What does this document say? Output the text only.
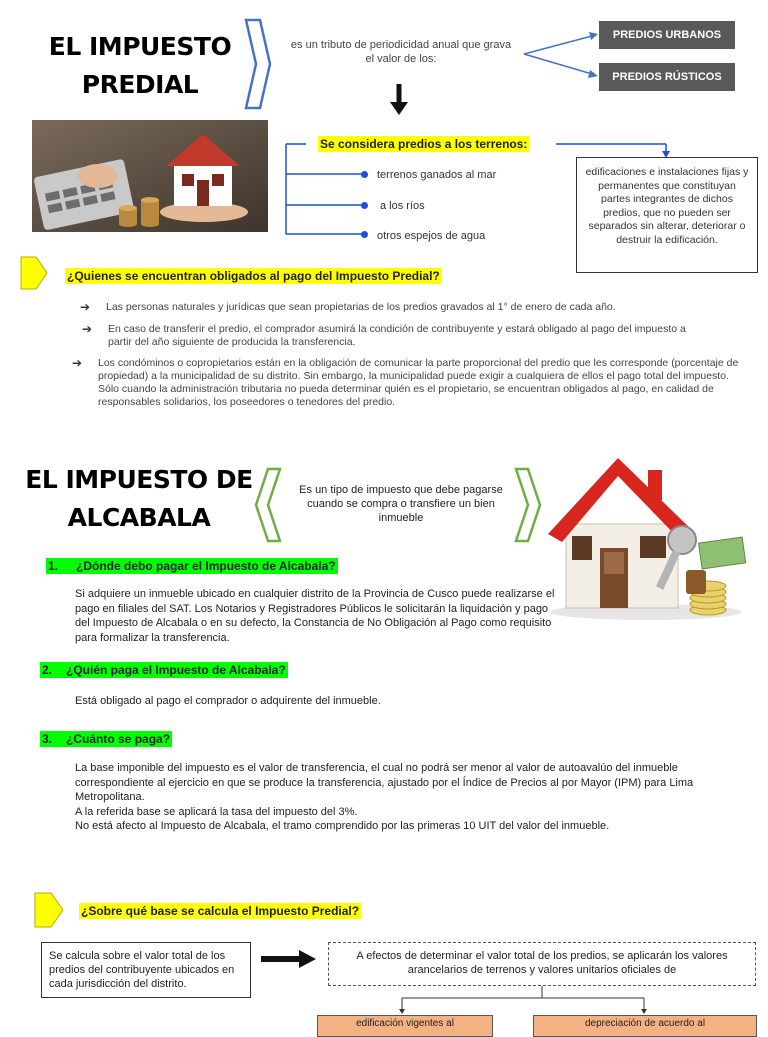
EL IMPUESTO
PREDIAL
es un tributo de periodicidad anual que grava el valor de los:
PREDIOS URBANOS
PREDIOS RÚSTICOS
Se considera predios a los terrenos:
terrenos ganados al mar
a los ríos
otros espejos de agua
edificaciones e instalaciones fijas y permanentes que constituyan partes integrantes de dichos predios, que no pueden ser separados sin alterar, deteriorar o destruir la edificación.
¿Quienes se encuentran obligados al pago del Impuesto Predial?
➔ Las personas naturales y jurídicas que sean propietarias de los predios gravados al 1° de enero de cada año.
➔ En caso de transferir el predio, el comprador asumirá la condición de contribuyente y estará obligado al pago del impuesto a partir del año siguiente de producida la transferencia.
➔ Los condóminos o copropietarios están en la obligación de comunicar la parte proporcional del predio que les corresponde (porcentaje de propiedad) a la municipalidad de su distrito. Sin embargo, la municipalidad puede exigir a cualquiera de ellos el pago total del impuesto. Sólo cuando la administración tributaria no pueda determinar quién es el propietario, se encuentran obligados al pago, en calidad de responsables solidarios, los poseedores o tenedores del predio.
EL IMPUESTO DE
ALCABALA
Es un tipo de impuesto que debe pagarse cuando se compra o transfiere un bien inmueble
1. ¿Dónde debo pagar el Impuesto de Alcabala?
Si adquiere un inmueble ubicado en cualquier distrito de la Provincia de Cusco puede realizarse el pago en filiales del SAT. Los Notarios y Registradores Públicos le solicitarán la liquidación y pago del Impuesto de Alcabala o en su defecto, la Constancia de No Obligación al Pago como requisito para formalizar la transferencia.
2. ¿Quién paga el Impuesto de Alcabala?
Está obligado al pago el comprador o adquirente del inmueble.
3. ¿Cuánto se paga?
La base imponible del impuesto es el valor de transferencia, el cual no podrá ser menor al valor de autoavalúo del inmueble correspondiente al ejercicio en que se produce la transferencia, ajustado por el Índice de Precios al por Mayor (IPM) para Lima Metropolitana.
A la referida base se aplicará la tasa del impuesto del 3%.
No está afecto al Impuesto de Alcabala, el tramo comprendido por las primeras 10 UIT del valor del inmueble.
¿Sobre qué base se calcula el Impuesto Predial?
Se calcula sobre el valor total de los predios del contribuyente ubicados en cada jurisdicción del distrito.
A efectos de determinar el valor total de los predios, se aplicarán los valores arancelarios de terrenos y valores unitarios oficiales de
edificación vigentes al	depreciación de acuerdo al
